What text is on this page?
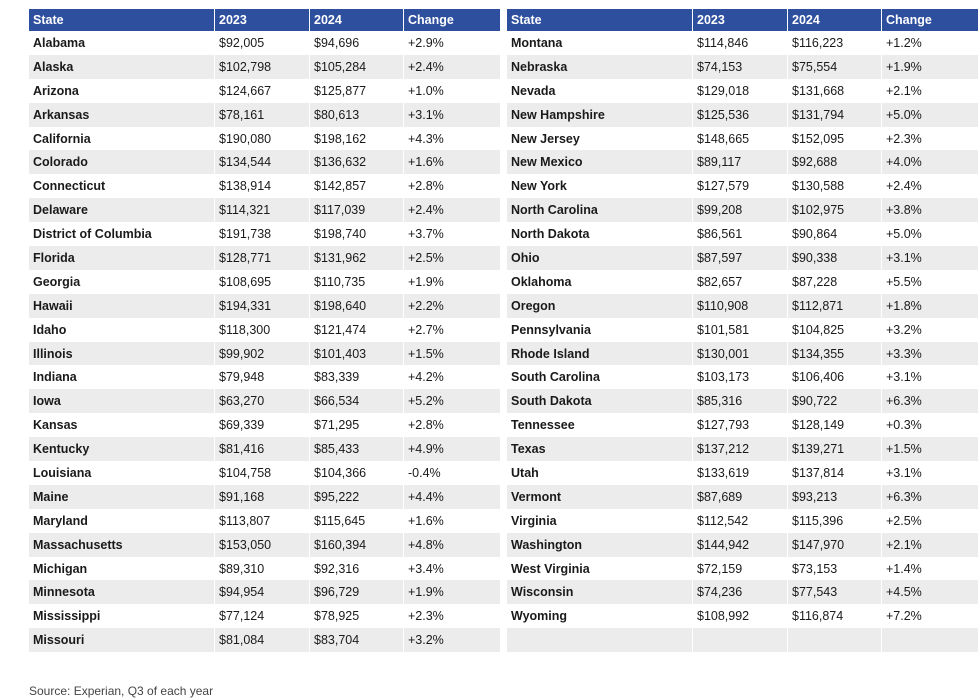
State	2023	2024	Change
Alabama	$92,005	$94,696	+2.9%
Alaska	$102,798	$105,284	+2.4%
Arizona	$124,667	$125,877	+1.0%
Arkansas	$78,161	$80,613	+3.1%
California	$190,080	$198,162	+4.3%
Colorado	$134,544	$136,632	+1.6%
Connecticut	$138,914	$142,857	+2.8%
Delaware	$114,321	$117,039	+2.4%
District of Columbia	$191,738	$198,740	+3.7%
Florida	$128,771	$131,962	+2.5%
Georgia	$108,695	$110,735	+1.9%
Hawaii	$194,331	$198,640	+2.2%
Idaho	$118,300	$121,474	+2.7%
Illinois	$99,902	$101,403	+1.5%
Indiana	$79,948	$83,339	+4.2%
Iowa	$63,270	$66,534	+5.2%
Kansas	$69,339	$71,295	+2.8%
Kentucky	$81,416	$85,433	+4.9%
Louisiana	$104,758	$104,366	-0.4%
Maine	$91,168	$95,222	+4.4%
Maryland	$113,807	$115,645	+1.6%
Massachusetts	$153,050	$160,394	+4.8%
Michigan	$89,310	$92,316	+3.4%
Minnesota	$94,954	$96,729	+1.9%
Mississippi	$77,124	$78,925	+2.3%
Missouri	$81,084	$83,704	+3.2%
State	2023	2024	Change
Montana	$114,846	$116,223	+1.2%
Nebraska	$74,153	$75,554	+1.9%
Nevada	$129,018	$131,668	+2.1%
New Hampshire	$125,536	$131,794	+5.0%
New Jersey	$148,665	$152,095	+2.3%
New Mexico	$89,117	$92,688	+4.0%
New York	$127,579	$130,588	+2.4%
North Carolina	$99,208	$102,975	+3.8%
North Dakota	$86,561	$90,864	+5.0%
Ohio	$87,597	$90,338	+3.1%
Oklahoma	$82,657	$87,228	+5.5%
Oregon	$110,908	$112,871	+1.8%
Pennsylvania	$101,581	$104,825	+3.2%
Rhode Island	$130,001	$134,355	+3.3%
South Carolina	$103,173	$106,406	+3.1%
South Dakota	$85,316	$90,722	+6.3%
Tennessee	$127,793	$128,149	+0.3%
Texas	$137,212	$139,271	+1.5%
Utah	$133,619	$137,814	+3.1%
Vermont	$87,689	$93,213	+6.3%
Virginia	$112,542	$115,396	+2.5%
Washington	$144,942	$147,970	+2.1%
West Virginia	$72,159	$73,153	+1.4%
Wisconsin	$74,236	$77,543	+4.5%
Wyoming	$108,992	$116,874	+7.2%

Source: Experian, Q3 of each year
